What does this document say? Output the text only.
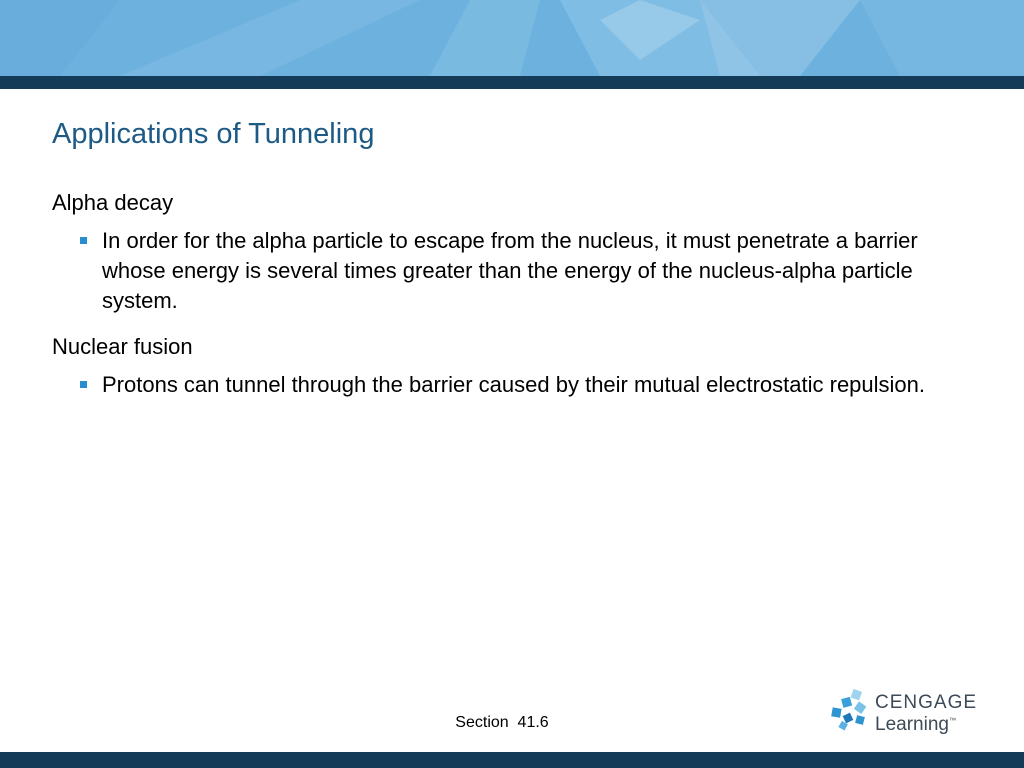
Applications of Tunneling

Alpha decay

In order for the alpha particle to escape from the nucleus, it must penetrate a barrier whose energy is several times greater than the energy of the nucleus-alpha particle system.

Nuclear fusion

Protons can tunnel through the barrier caused by their mutual electrostatic repulsion.
Section  41.6
CENGAGE
Learning™
